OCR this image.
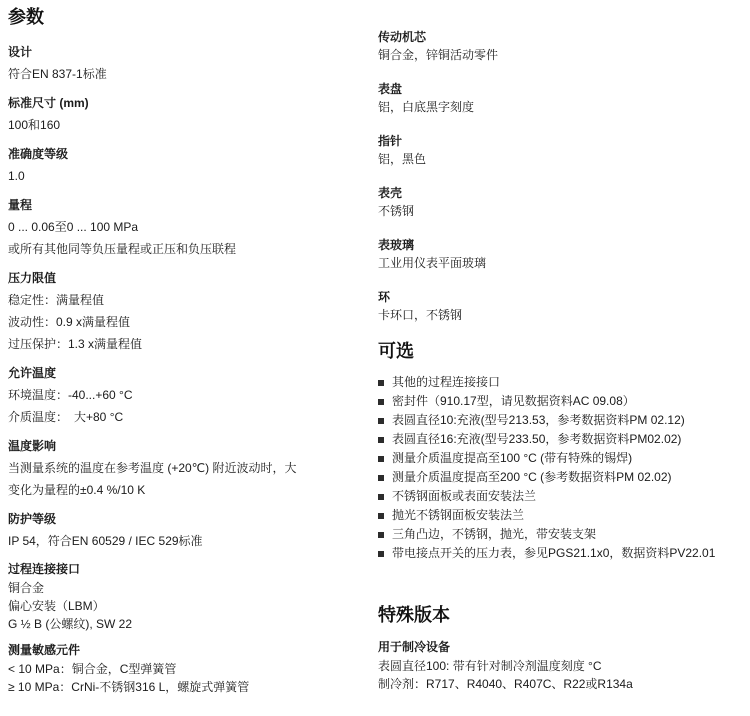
参数
设计
符合EN 837-1标准
标准尺寸 (mm)
100和160
准确度等级
1.0
量程
0 ... 0.06至0 ... 100 MPa
或所有其他同等负压量程或正压和负压联程
压力限值
稳定性：满量程值
波动性：0.9 x满量程值
过压保护：1.3 x满量程值
允许温度
环境温度：-40...+60 °C
介质温度：　大+80 °C
温度影响
当测量系统的温度在参考温度 (+20℃) 附近波动时，大
变化为量程的±0.4 %/10 K
防护等级
IP 54，符合EN 60529 / IEC 529标准
过程连接接口
铜合金
偏心安装（LBM）
G ½ B (公螺纹), SW 22
测量敏感元件
< 10 MPa：铜合金，C型弹簧管
≥ 10 MPa：CrNi-不锈钢316 L，螺旋式弹簧管
传动机芯
铜合金，锌铜活动零件
表盘
铝，白底黑字刻度
指针
铝，黑色
表壳
不锈钢
表玻璃
工业用仪表平面玻璃
环
卡环口，不锈钢
可选
其他的过程连接接口
密封件（910.17型，请见数据资料AC 09.08）
表圆直径10:充液(型号213.53，参考数据资料PM 02.12)
表圆直径16:充液(型号233.50，参考数据资料PM02.02)
测量介质温度提高至100 °C (带有特殊的锡焊)
测量介质温度提高至200 °C (参考数据资料PM 02.02)
不锈钢面板或表面安装法兰
抛光不锈钢面板安装法兰
三角凸边，不锈钢，抛光，带安装支架
带电接点开关的压力表，参见PGS21.1x0，数据资料PV22.01
特殊版本
用于制冷设备
表圆直径100: 带有针对制冷剂温度刻度 °C
制冷剂：R717、R4040、R407C、R22或R134a
